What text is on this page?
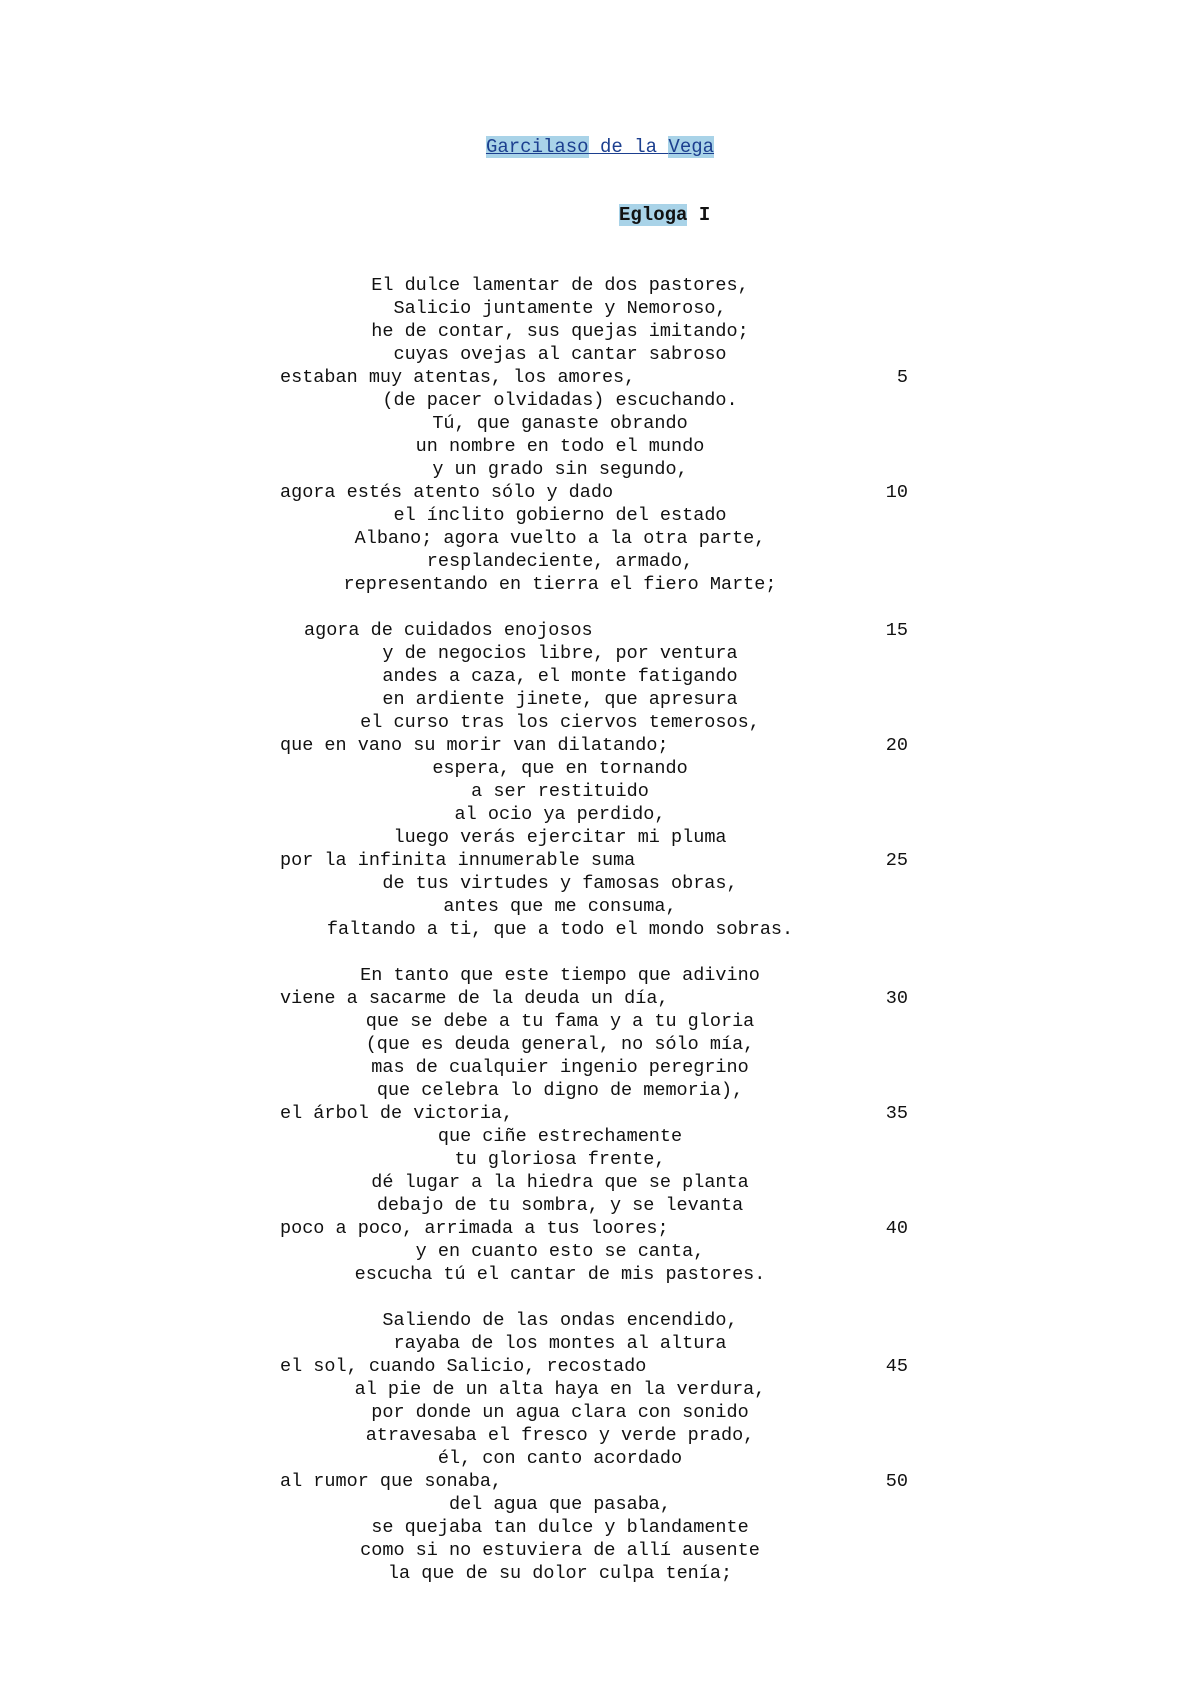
Garcilaso de la Vega
Egloga I
El dulce lamentar de dos pastores,
Salicio juntamente y Nemoroso,
he de contar, sus quejas imitando;
cuyas ovejas al cantar sabroso
estaban muy atentas, los amores,	5
(de pacer olvidadas) escuchando.
Tú, que ganaste obrando
un nombre en todo el mundo
y un grado sin segundo,
agora estés atento sólo y dado	10
el ínclito gobierno del estado
Albano; agora vuelto a la otra parte,
resplandeciente, armado,
representando en tierra el fiero Marte;
agora de cuidados enojosos	15
y de negocios libre, por ventura
andes a caza, el monte fatigando
en ardiente jinete, que apresura
el curso tras los ciervos temerosos,
que en vano su morir van dilatando;	20
espera, que en tornando
a ser restituido
al ocio ya perdido,
luego verás ejercitar mi pluma
por la infinita innumerable suma	25
de tus virtudes y famosas obras,
antes que me consuma,
faltando a ti, que a todo el mondo sobras.
En tanto que este tiempo que adivino
viene a sacarme de la deuda un día,	30
que se debe a tu fama y a tu gloria
(que es deuda general, no sólo mía,
mas de cualquier ingenio peregrino
que celebra lo digno de memoria),
el árbol de victoria,	35
que ciñe estrechamente
tu gloriosa frente,
dé lugar a la hiedra que se planta
debajo de tu sombra, y se levanta
poco a poco, arrimada a tus loores;	40
y en cuanto esto se canta,
escucha tú el cantar de mis pastores.
Saliendo de las ondas encendido,
rayaba de los montes al altura
el sol, cuando Salicio, recostado	45
al pie de un alta haya en la verdura,
por donde un agua clara con sonido
atravesaba el fresco y verde prado,
él, con canto acordado
al rumor que sonaba,	50
del agua que pasaba,
se quejaba tan dulce y blandamente
como si no estuviera de allí ausente
la que de su dolor culpa tenía;
